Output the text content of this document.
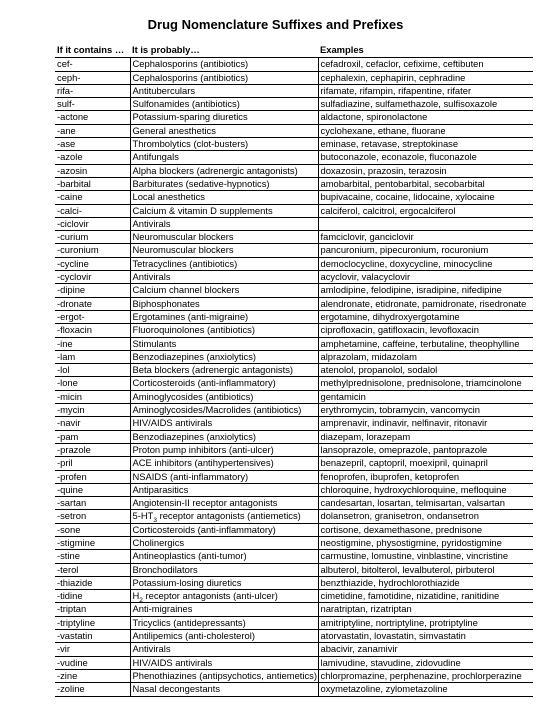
Drug Nomenclature Suffixes and Prefixes
If it contains …	It is probably…	Examples
cef-	Cephalosporins (antibiotics)	cefadroxil, cefaclor, cefixime, ceftibuten
ceph-	Cephalosporins (antibiotics)	cephalexin, cephapirin, cephradine
rifa-	Antituberculars	rifamate, rifampin, rifapentine, rifater
sulf-	Sulfonamides (antibiotics)	sulfadiazine, sulfamethazole, sulfisoxazole
-actone	Potassium-sparing diuretics	aldactone, spironolactone
-ane	General anesthetics	cyclohexane, ethane, fluorane
-ase	Thrombolytics (clot-busters)	eminase, retavase, streptokinase
-azole	Antifungals	butoconazole, econazole, fluconazole
-azosin	Alpha blockers (adrenergic antagonists)	doxazosin, prazosin, terazosin
-barbital	Barbiturates (sedative-hypnotics)	amobarbital, pentobarbital, secobarbital
-caine	Local anesthetics	bupivacaine, cocaine, lidocaine, xylocaine
-calci-	Calcium & vitamin D supplements	calciferol, calcitrol, ergocalciferol
-ciclovir	Antivirals	
-curium	Neuromuscular blockers	famciclovir, ganciclovir
-curonium	Neuromuscular blockers	pancuronium, pipecuronium, rocuronium
-cycline	Tetracyclines (antibiotics)	democlocycline, doxycycline, minocycline
-cyclovir	Antivirals	acyclovir, valacyclovir
-dipine	Calcium channel blockers	amlodipine, felodipine, isradipine, nifedipine
-dronate	Biphosphonates	alendronate, etidronate, pamidronate, risedronate
-ergot-	Ergotamines (anti-migraine)	ergotamine, dihydroxyergotamine
-floxacin	Fluoroquinolones (antibiotics)	ciprofloxacin, gatifloxacin, levofloxacin
-ine	Stimulants	amphetamine, caffeine, terbutaline, theophylline
-lam	Benzodiazepines (anxiolytics)	alprazolam, midazolam
-lol	Beta blockers (adrenergic antagonists)	atenolol, propanolol, sodalol
-lone	Corticosteroids (anti-inflammatory)	methylprednisolone, prednisolone, triamcinolone
-micin	Aminoglycosides (antibiotics)	gentamicin
-mycin	Aminoglycosides/Macrolides (antibiotics)	erythromycin, tobramycin, vancomycin
-navir	HIV/AIDS antivirals	amprenavir, indinavir, nelfinavir, ritonavir
-pam	Benzodiazepines (anxiolytics)	diazepam, lorazepam
-prazole	Proton pump inhibitors (anti-ulcer)	lansoprazole, omeprazole, pantoprazole
-pril	ACE inhibitors (antihypertensives)	benazepril, captopril, moexipril, quinapril
-profen	NSAIDS (anti-inflammatory)	fenoprofen, ibuprofen, ketoprofen
-quine	Antiparasitics	chloroquine, hydroxychloroquine, mefloquine
-sartan	Angiotensin-II receptor antagonists	candesartan, losartan, telmisartan, valsartan
-setron	$5-HT_3$ receptor antagonists (antiemetics)	dolansetron, granisetron, ondansetron
-sone	Corticosteroids (anti-inflammatory)	cortisone, dexamethasone, prednisone
-stigmine	Cholinergics	neostigmine, physostigmine, pyridostigmine
-stine	Antineoplastics (anti-tumor)	carmustine, lomustine, vinblastine, vincristine
-terol	Bronchodilators	albuterol, bitolterol, levalbuterol, pirbuterol
-thiazide	Potassium-losing diuretics	benzthiazide, hydrochlorothiazide
-tidine	$H_2$ receptor antagonists (anti-ulcer)	cimetidine, famotidine, nizatidine, ranitidine
-triptan	Anti-migraines	naratriptan, rizatriptan
-triptyline	Tricyclics (antidepressants)	amitriptyline, nortriptyline, protriptyline
-vastatin	Antilipemics (anti-cholesterol)	atorvastatin, lovastatin, simvastatin
-vir	Antivirals	abacivir, zanamivir
-vudine	HIV/AIDS antivirals	lamivudine, stavudine, zidovudine
-zine	Phenothiazines (antipsychotics, antiemetics)	chlorpromazine, perphenazine, prochlorperazine
-zoline	Nasal decongestants	oxymetazoline, zylometazoline
